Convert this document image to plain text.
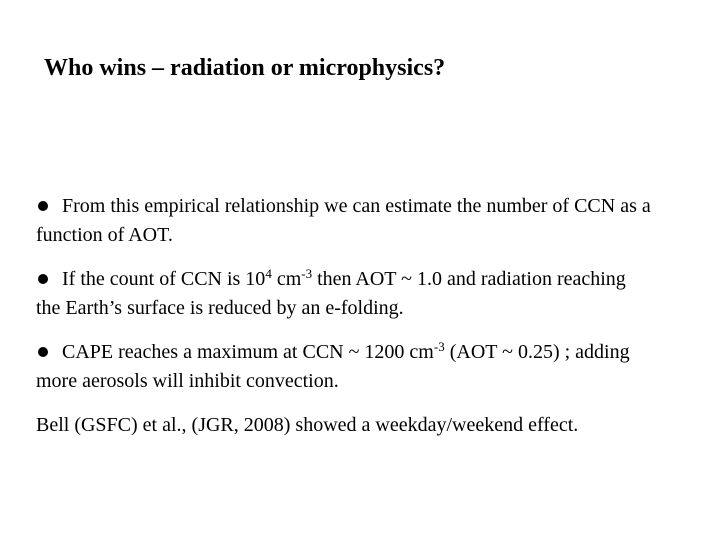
Who wins – radiation or microphysics?

From this empirical relationship we can estimate the number of CCN as a function of AOT.

If the count of CCN is $10^4$ $cm^{-3}$ then AOT ~ 1.0 and radiation reaching the Earth’s surface is reduced by an e-folding.

CAPE reaches a maximum at CCN ~ 1200 $cm^{-3}$ (AOT ~ 0.25) ; adding more aerosols will inhibit convection.

Bell (GSFC) et al., (JGR, 2008) showed a weekday/weekend effect.
